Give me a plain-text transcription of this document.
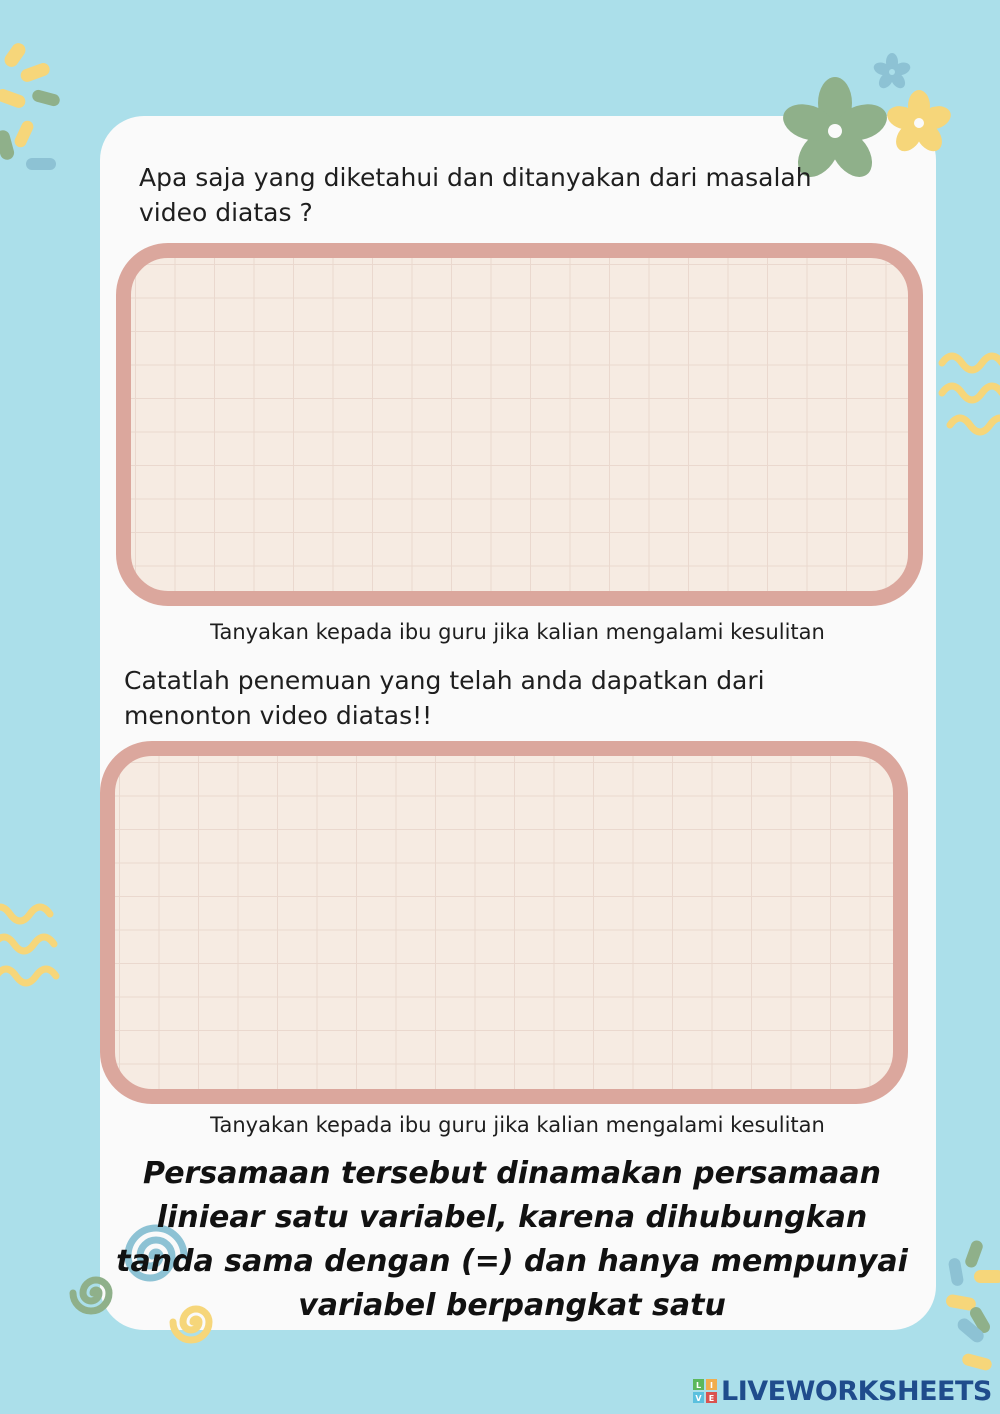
Apa saja yang diketahui dan ditanyakan dari masalah video diatas ?

Tanyakan kepada ibu guru jika kalian mengalami kesulitan

Catatlah penemuan yang telah anda dapatkan dari menonton video diatas!!

Tanyakan kepada ibu guru jika kalian mengalami kesulitan
Persamaan tersebut dinamakan persamaan liniear satu variabel, karena dihubungkan tanda sama dengan (=) dan hanya mempunyai variabel berpangkat satu
L I
V E LIVEWORKSHEETS
